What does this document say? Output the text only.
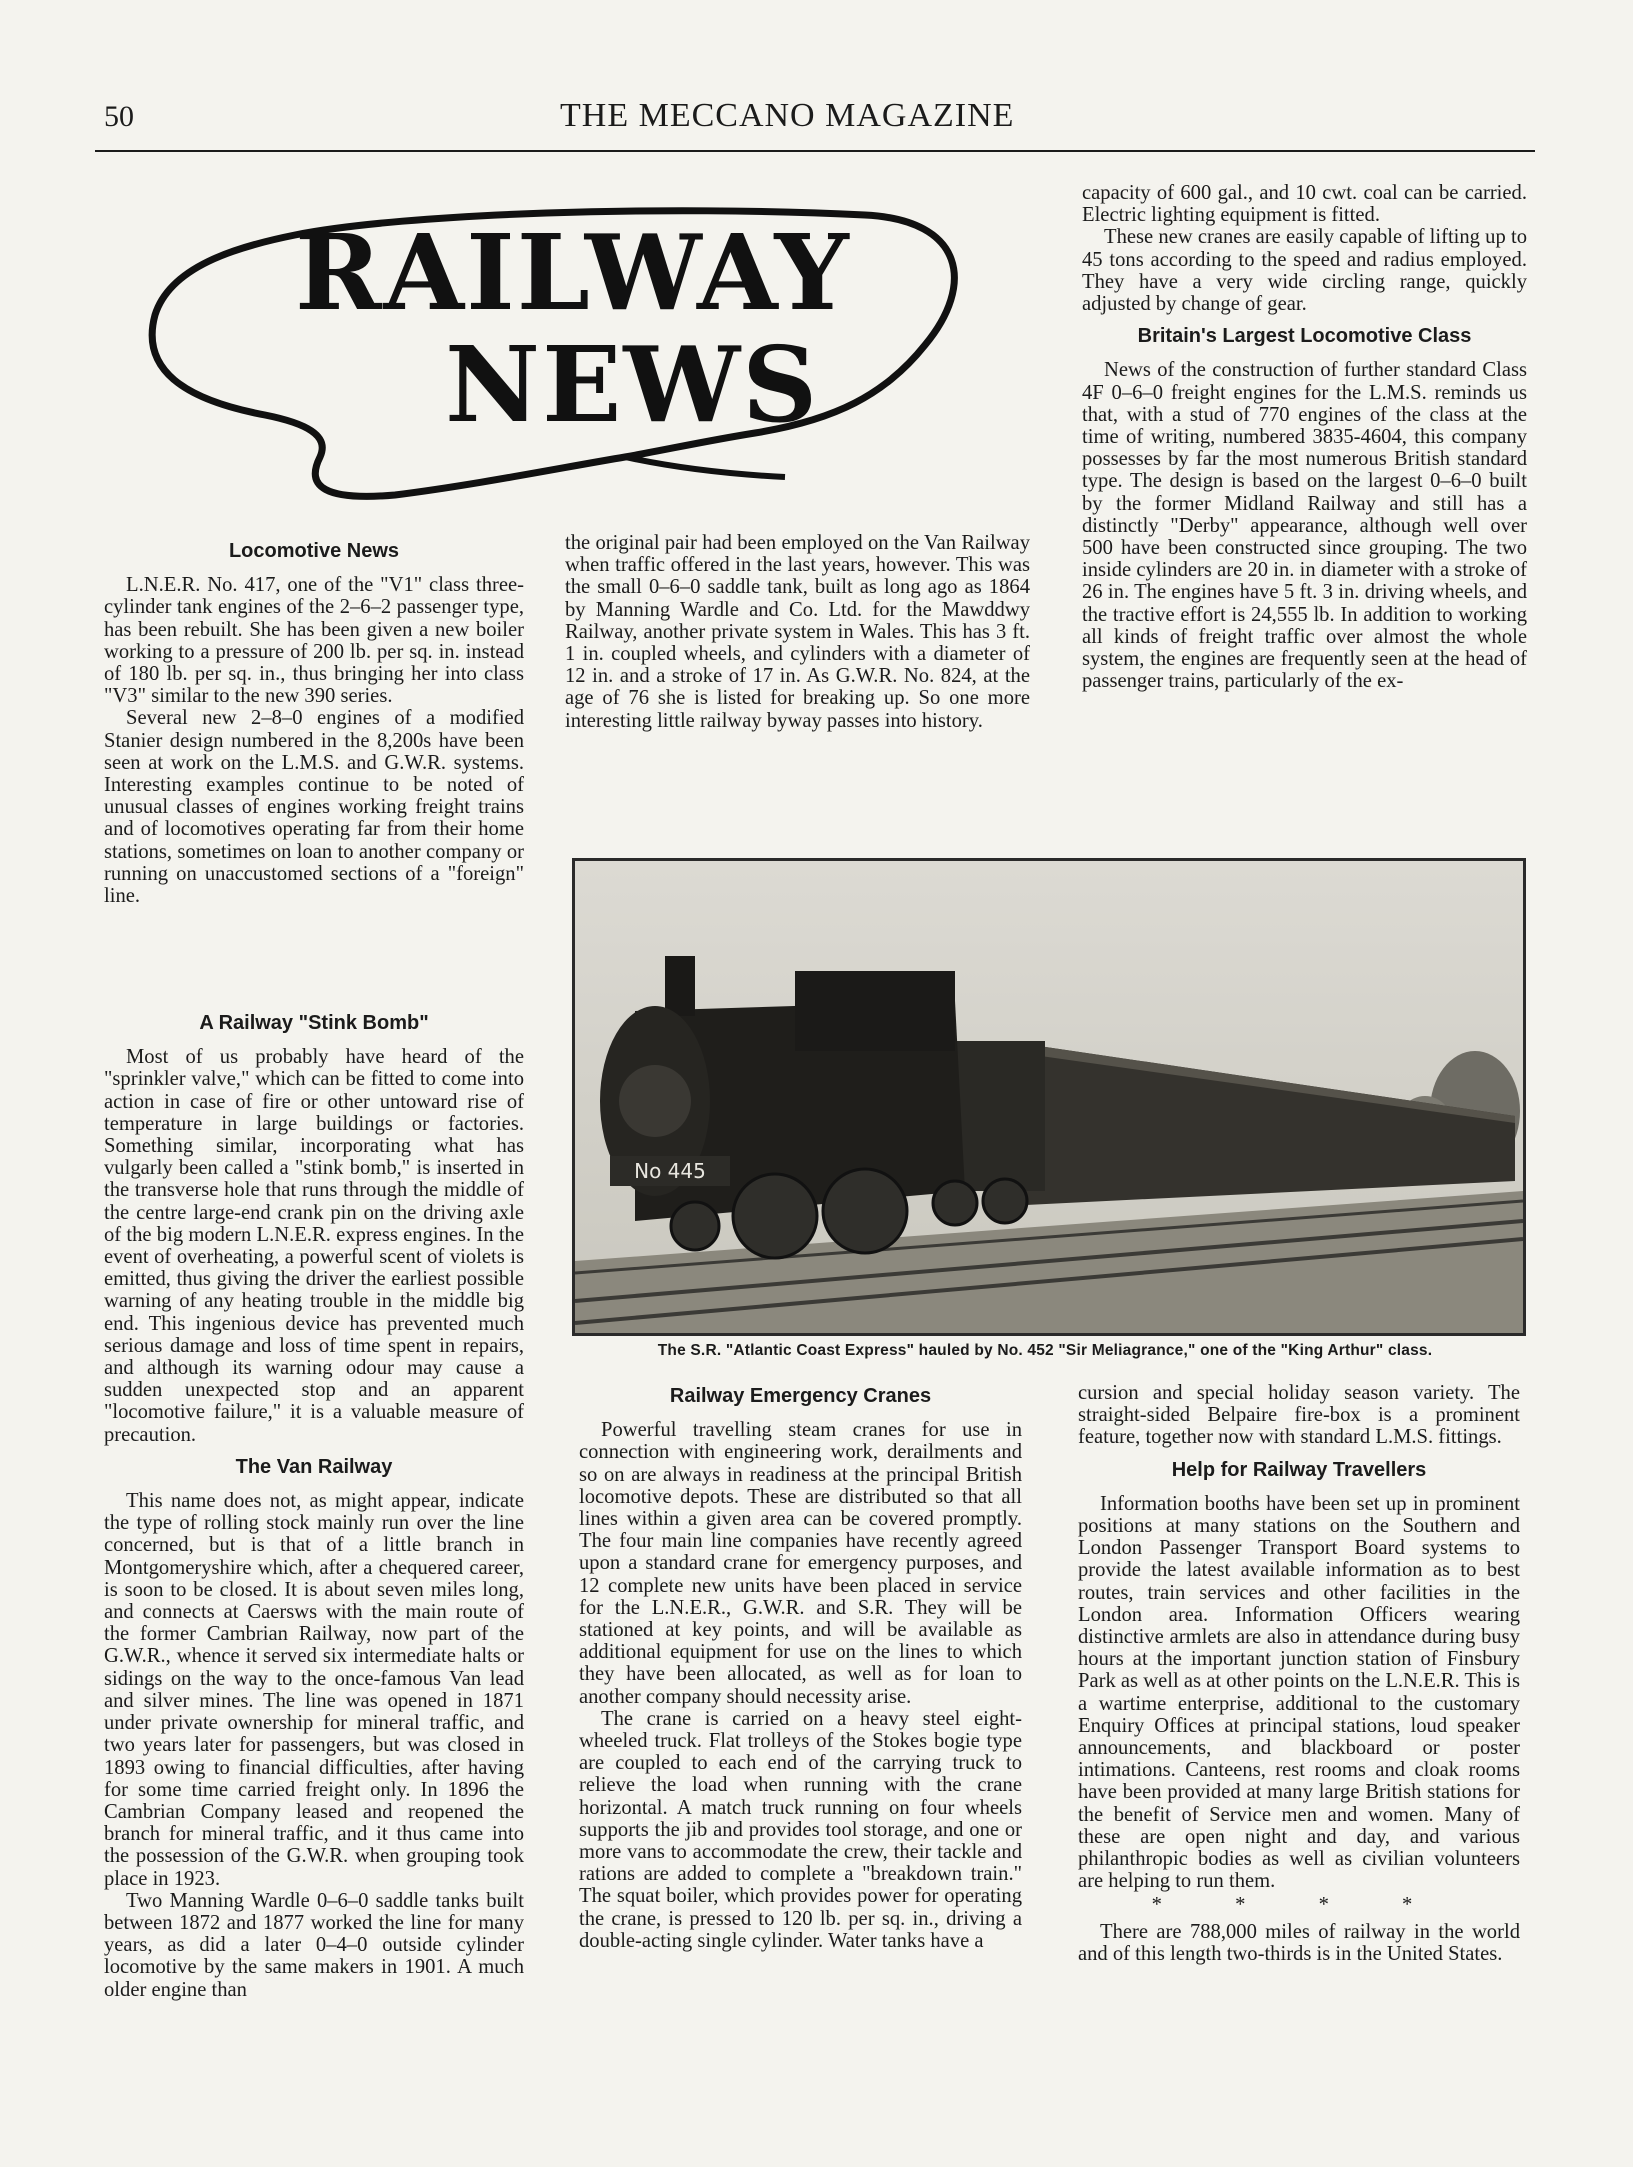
50	THE MECCANO MAGAZINE
RAILWAY
NEWS
Locomotive News

L.N.E.R. No. 417, one of the "V1" class three-cylinder tank engines of the 2–6–2 passenger type, has been rebuilt. She has been given a new boiler working to a pressure of 200 lb. per sq. in. instead of 180 lb. per sq. in., thus bringing her into class "V3" similar to the new 390 series.

Several new 2–8–0 engines of a modified Stanier design numbered in the 8,200s have been seen at work on the L.M.S. and G.W.R. systems. Interesting examples continue to be noted of unusual classes of engines working freight trains and of locomotives operating far from their home stations, sometimes on loan to another company or running on unaccustomed sections of a "foreign" line.

the original pair had been employed on the Van Railway when traffic offered in the last years, however. This was the small 0–6–0 saddle tank, built as long ago as 1864 by Manning Wardle and Co. Ltd. for the Mawddwy Railway, another private system in Wales. This has 3 ft. 1 in. coupled wheels, and cylinders with a diameter of 12 in. and a stroke of 17 in. As G.W.R. No. 824, at the age of 76 she is listed for breaking up. So one more interesting little railway byway passes into history.

capacity of 600 gal., and 10 cwt. coal can be carried. Electric lighting equipment is fitted.

These new cranes are easily capable of lifting up to 45 tons according to the speed and radius employed. They have a very wide circling range, quickly adjusted by change of gear.

Britain's Largest Locomotive Class

News of the construction of further standard Class 4F 0–6–0 freight engines for the L.M.S. reminds us that, with a stud of 770 engines of the class at the time of writing, numbered 3835-4604, this company possesses by far the most numerous British standard type. The design is based on the largest 0–6–0 built by the former Midland Railway and still has a distinctly "Derby" appearance, although well over 500 have been constructed since grouping. The two inside cylinders are 20 in. in diameter with a stroke of 26 in. The engines have 5 ft. 3 in. driving wheels, and the tractive effort is 24,555 lb. In addition to working all kinds of freight traffic over almost the whole system, the engines are frequently seen at the head of passenger trains, particularly of the ex-

No 445
The S.R. "Atlantic Coast Express" hauled by No. 452 "Sir Meliagrance," one of the "King Arthur" class.
A Railway "Stink Bomb"

Most of us probably have heard of the "sprinkler valve," which can be fitted to come into action in case of fire or other untoward rise of temperature in large buildings or factories. Something similar, incorporating what has vulgarly been called a "stink bomb," is inserted in the transverse hole that runs through the middle of the centre large-end crank pin on the driving axle of the big modern L.N.E.R. express engines. In the event of overheating, a powerful scent of violets is emitted, thus giving the driver the earliest possible warning of any heating trouble in the middle big end. This ingenious device has prevented much serious damage and loss of time spent in repairs, and although its warning odour may cause a sudden unexpected stop and an apparent "locomotive failure," it is a valuable measure of precaution.

The Van Railway

This name does not, as might appear, indicate the type of rolling stock mainly run over the line concerned, but is that of a little branch in Montgomeryshire which, after a chequered career, is soon to be closed. It is about seven miles long, and connects at Caersws with the main route of the former Cambrian Railway, now part of the G.W.R., whence it served six intermediate halts or sidings on the way to the once-famous Van lead and silver mines. The line was opened in 1871 under private ownership for mineral traffic, and two years later for passengers, but was closed in 1893 owing to financial difficulties, after having for some time carried freight only. In 1896 the Cambrian Company leased and reopened the branch for mineral traffic, and it thus came into the possession of the G.W.R. when grouping took place in 1923.

Two Manning Wardle 0–6–0 saddle tanks built between 1872 and 1877 worked the line for many years, as did a later 0–4–0 outside cylinder locomotive by the same makers in 1901. A much older engine than

Railway Emergency Cranes

Powerful travelling steam cranes for use in connection with engineering work, derailments and so on are always in readiness at the principal British locomotive depots. These are distributed so that all lines within a given area can be covered promptly. The four main line companies have recently agreed upon a standard crane for emergency purposes, and 12 complete new units have been placed in service for the L.N.E.R., G.W.R. and S.R. They will be stationed at key points, and will be available as additional equipment for use on the lines to which they have been allocated, as well as for loan to another company should necessity arise.

The crane is carried on a heavy steel eight-wheeled truck. Flat trolleys of the Stokes bogie type are coupled to each end of the carrying truck to relieve the load when running with the crane horizontal. A match truck running on four wheels supports the jib and provides tool storage, and one or more vans to accommodate the crew, their tackle and rations are added to complete a "breakdown train." The squat boiler, which provides power for operating the crane, is pressed to 120 lb. per sq. in., driving a double-acting single cylinder. Water tanks have a

cursion and special holiday season variety. The straight-sided Belpaire fire-box is a prominent feature, together now with standard L.M.S. fittings.

Help for Railway Travellers

Information booths have been set up in prominent positions at many stations on the Southern and London Passenger Transport Board systems to provide the latest available information as to best routes, train services and other facilities in the London area. Information Officers wearing distinctive armlets are also in attendance during busy hours at the important junction station of Finsbury Park as well as at other points on the L.N.E.R. This is a wartime enterprise, additional to the customary Enquiry Offices at principal stations, loud speaker announcements, and blackboard or poster intimations. Canteens, rest rooms and cloak rooms have been provided at many large British stations for the benefit of Service men and women. Many of these are open night and day, and various philanthropic bodies as well as civilian volunteers are helping to run them.

* * * *

There are 788,000 miles of railway in the world and of this length two-thirds is in the United States.
